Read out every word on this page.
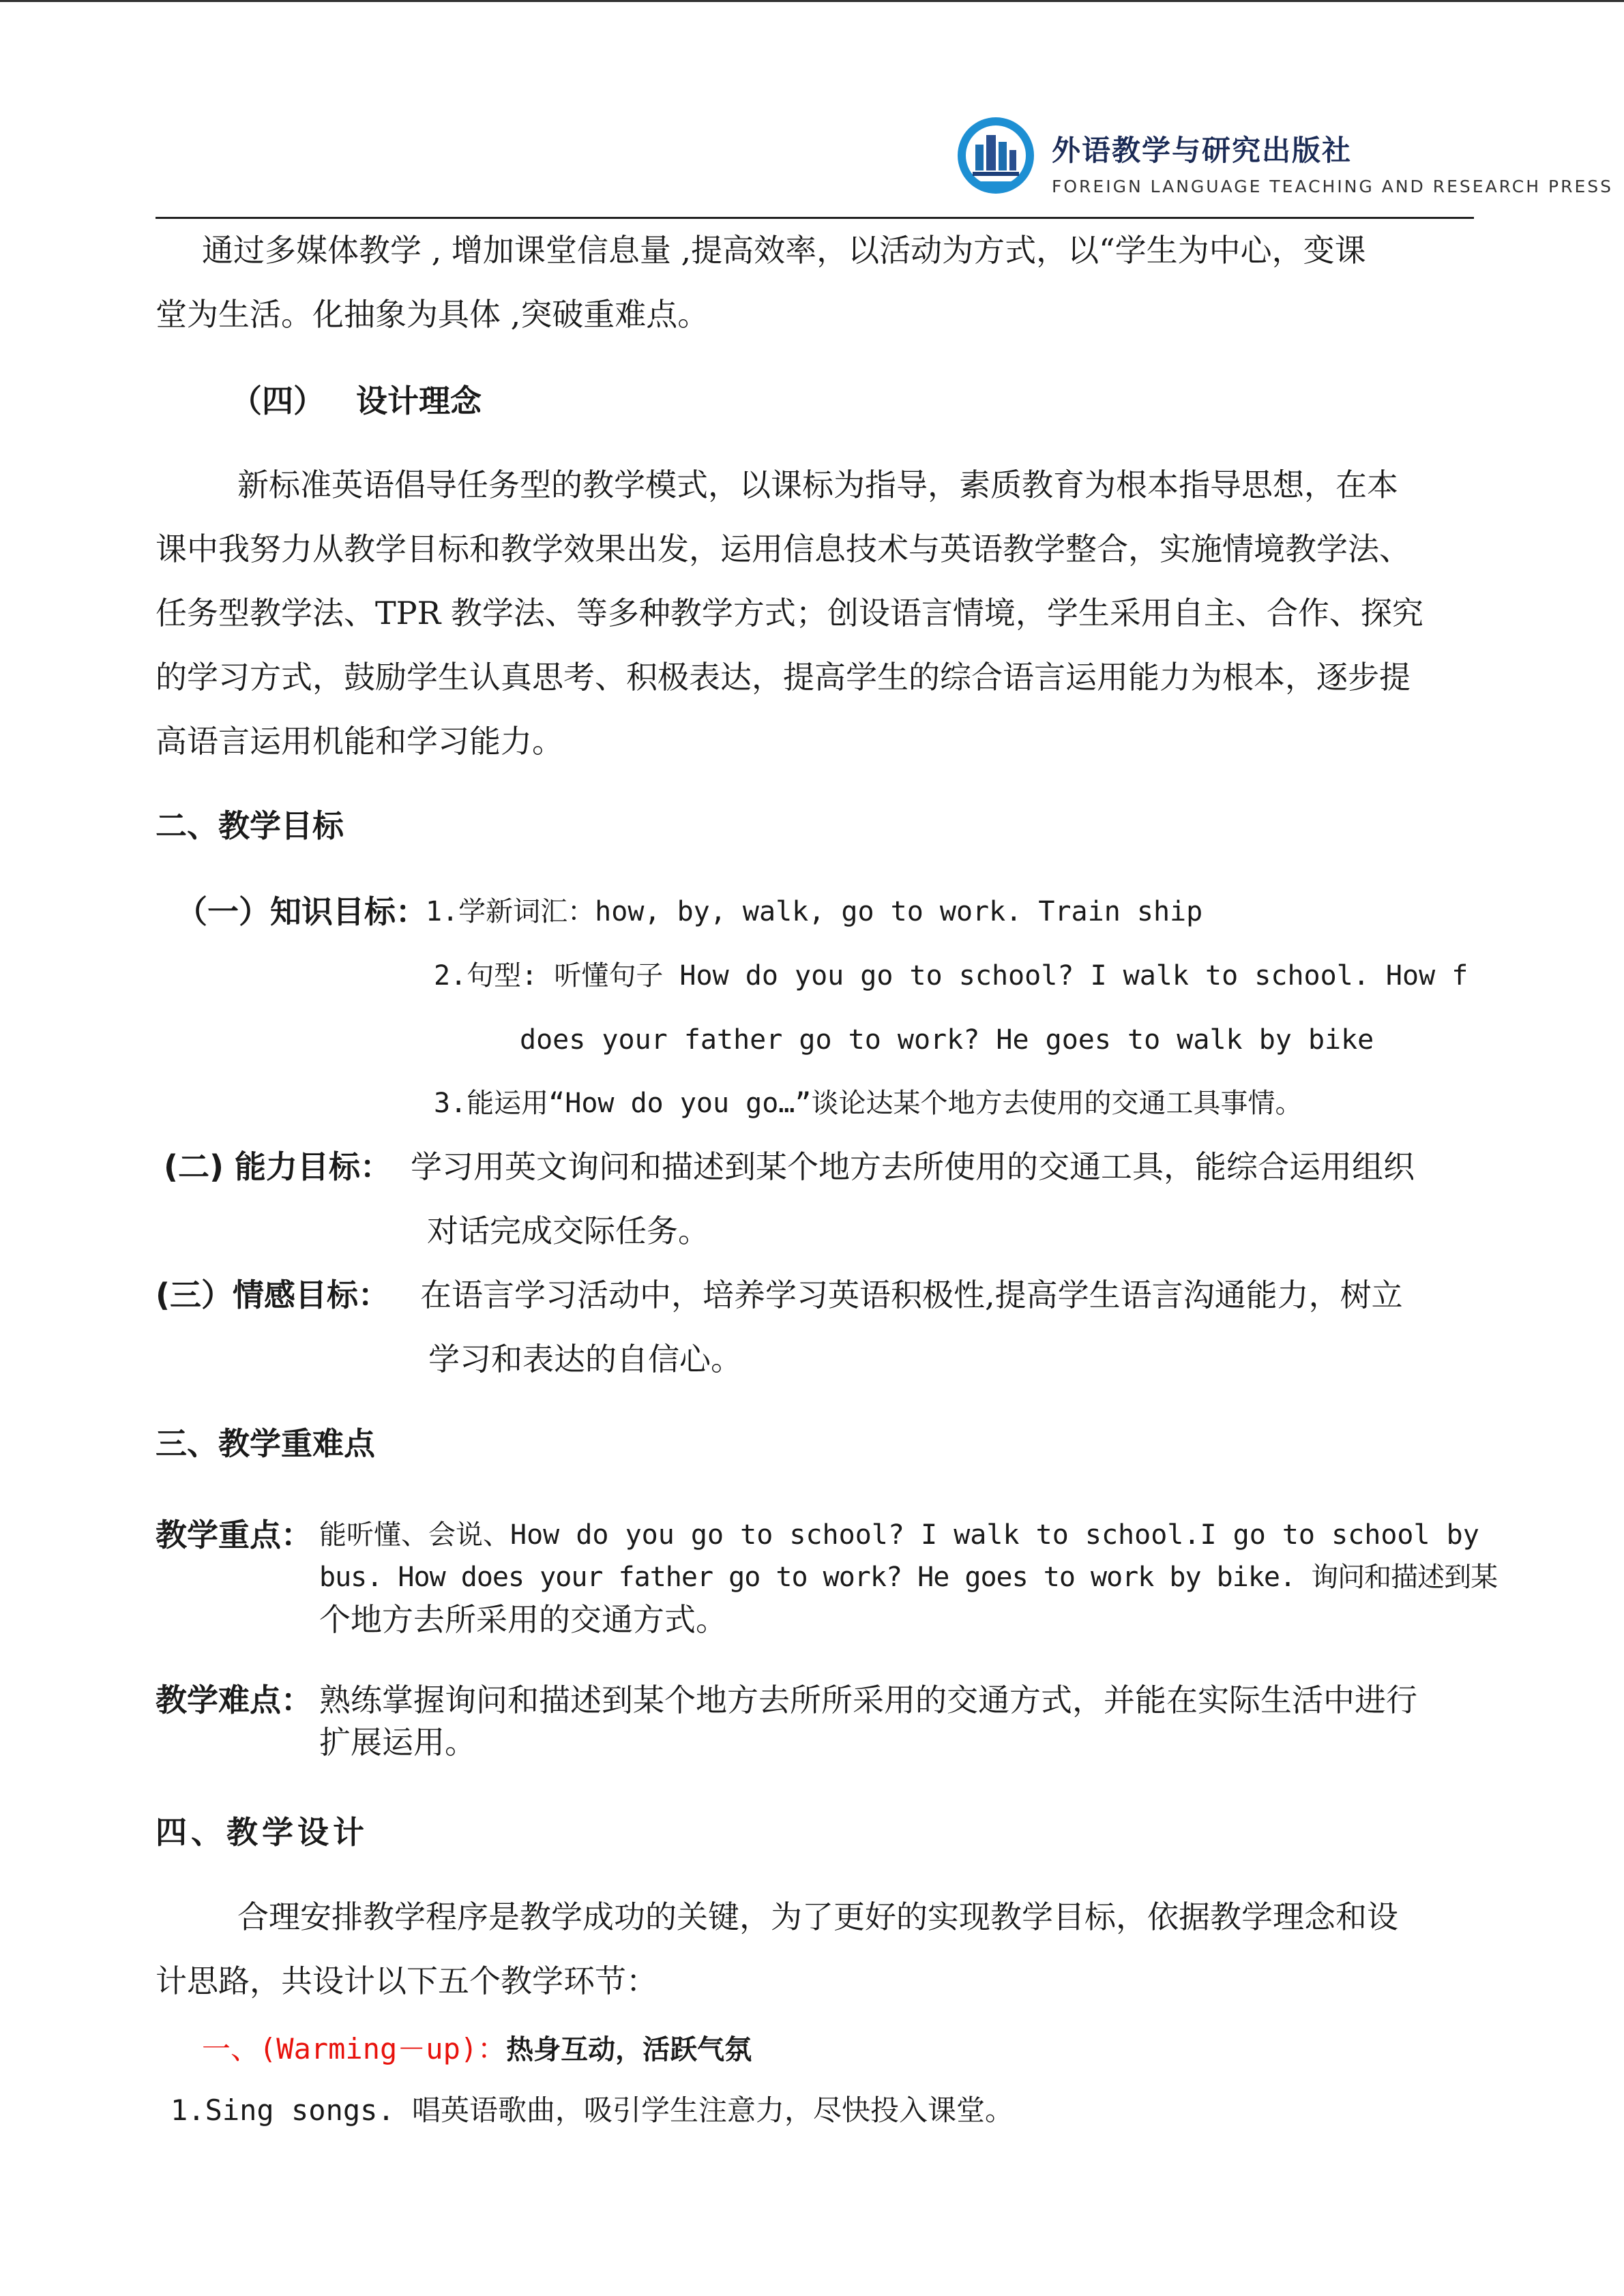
外语教学与研究出版社
FOREIGN LANGUAGE TEACHING AND RESEARCH PRESS
通过多媒体教学 , 增加课堂信息量 ,提高效率，以活动为方式，以“学生为中心，变课
堂为生活。化抽象为具体 ,突破重难点。
（四） 设计理念
新标准英语倡导任务型的教学模式，以课标为指导，素质教育为根本指导思想，在本
课中我努力从教学目标和教学效果出发，运用信息技术与英语教学整合，实施情境教学法、
任务型教学法、TPR 教学法、等多种教学方式；创设语言情境，学生采用自主、合作、探究
的学习方式，鼓励学生认真思考、积极表达，提高学生的综合语言运用能力为根本，逐步提
高语言运用机能和学习能力。
二、教学目标
（一）知识目标：
1.学新词汇：how, by, walk, go to work. Train ship
2.句型: 听懂句子 How do you go to school? I walk to school. How f
does your father go to work? He goes to walk by bike
3.能运用“How do you go…”谈论达某个地方去使用的交通工具事情。
(二) 能力目标： 学习用英文询问和描述到某个地方去所使用的交通工具，能综合运用组织
对话完成交际任务。
(三）情感目标： 在语言学习活动中，培养学习英语积极性,提高学生语言沟通能力，树立
学习和表达的自信心。
三、教学重难点
教学重点： 能听懂、会说、How do you go to school? I walk to school.I go to school by
bus. How does your father go to work? He goes to work by bike. 询问和描述到某
个地方去所采用的交通方式。
教学难点： 熟练掌握询问和描述到某个地方去所所采用的交通方式，并能在实际生活中进行
扩展运用。
四、教学设计
合理安排教学程序是教学成功的关键，为了更好的实现教学目标，依据教学理念和设
计思路，共设计以下五个教学环节：
一、(Warming－up)：热身互动，活跃气氛
1.Sing songs. 唱英语歌曲，吸引学生注意力，尽快投入课堂。
